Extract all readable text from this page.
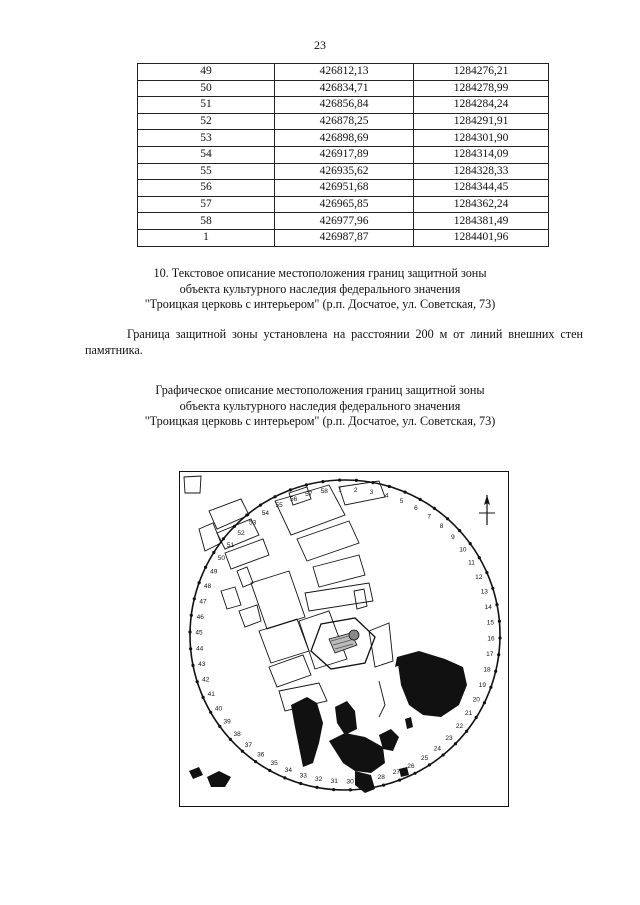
23
49	426812,13	1284276,21
50	426834,71	1284278,99
51	426856,84	1284284,24
52	426878,25	1284291,91
53	426898,69	1284301,90
54	426917,89	1284314,09
55	426935,62	1284328,33
56	426951,68	1284344,45
57	426965,85	1284362,24
58	426977,96	1284381,49
1	426987,87	1284401,96
10. Текстовое описание местоположения границ защитной зоны
объекта культурного наследия федерального значения
"Троицкая церковь с интерьером" (р.п. Досчатое, ул. Советская, 73)
Граница защитной зоны установлена на расстоянии 200 м от линий внешних стен
памятника.
Графическое описание местоположения границ защитной зоны
объекта культурного наследия федерального значения
"Троицкая церковь с интерьером" (р.п. Досчатое, ул. Советская, 73)
1 2 3
4
5
6
7
8
9
10
11
12
13
14
15
16
17
18
19
20
21
22
23
24
25
26
27
28
29
30
31
32
33
34
35
36
37
38
39
40
41
42
43
44
45
46
47
48
49
50
51
52
53
54
55
56
57 58
